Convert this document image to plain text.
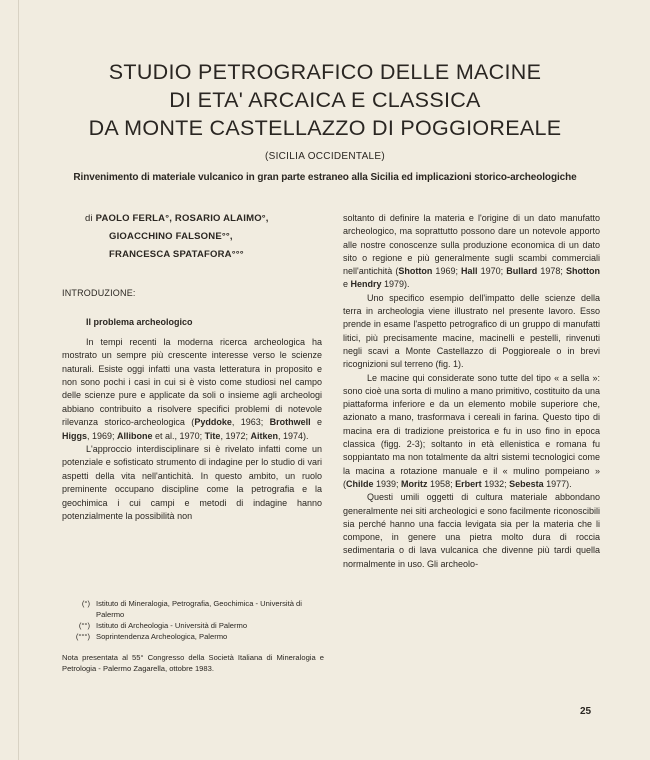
STUDIO PETROGRAFICO DELLE MACINE
DI ETA' ARCAICA E CLASSICA
DA MONTE CASTELLAZZO DI POGGIOREALE
(SICILIA OCCIDENTALE)
Rinvenimento di materiale vulcanico in gran parte estraneo alla Sicilia ed implicazioni storico-archeologiche
di PAOLO FERLA°, ROSARIO ALAIMO°,
GIOACCHINO FALSONE°°,
FRANCESCA SPATAFORA°°°
INTRODUZIONE:
Il problema archeologico

In tempi recenti la moderna ricerca archeologica ha mostrato un sempre più crescente interesse verso le scienze naturali. Esiste oggi infatti una vasta letteratura in proposito e non sono pochi i casi in cui si è visto come studiosi nel campo delle scienze pure e applicate da soli o insieme agli archeologi abbiano contribuito a risolvere specifici problemi di notevole rilevanza storico-archeologica (Pyddoke, 1963; Brothwell e Higgs, 1969; Allibone et al., 1970; Tite, 1972; Aitken, 1974).

L'approccio interdisciplinare si è rivelato infatti come un potenziale e sofisticato strumento di indagine per lo studio di vari aspetti della vita nell'antichità. In questo ambito, un ruolo preminente occupano discipline come la petrografia e la geochimica i cui campi e metodi di indagine hanno potenzialmente la possibilità non

(°) Istituto di Mineralogia, Petrografia, Geochimica - Università di Palermo
(°°) Istituto di Archeologia - Università di Palermo
(°°°) Soprintendenza Archeologica, Palermo
Nota presentata al 55° Congresso della Società Italiana di Mineralogia e Petrologia - Palermo Zagarella, ottobre 1983.

soltanto di definire la materia e l'origine di un dato manufatto archeologico, ma soprattutto possono dare un notevole apporto alle nostre conoscenze sulla produzione economica di un dato sito o regione e più generalmente sugli scambi commerciali nell'antichità (Shotton 1969; Hall 1970; Bullard 1978; Shotton e Hendry 1979).

Uno specifico esempio dell'impatto delle scienze della terra in archeologia viene illustrato nel presente lavoro. Esso prende in esame l'aspetto petrografico di un gruppo di manufatti litici, più precisamente macine, macinelli e pestelli, rinvenuti negli scavi a Monte Castellazzo di Poggioreale o in brevi ricognizioni sul terreno (fig. 1).

Le macine qui considerate sono tutte del tipo « a sella »: sono cioè una sorta di mulino a mano primitivo, costituito da una piattaforma inferiore e da un elemento mobile superiore che, azionato a mano, trasformava i cereali in farina. Questo tipo di macina era di tradizione preistorica e fu in uso fino in epoca classica (figg. 2-3); soltanto in età ellenistica e romana fu soppiantato ma non totalmente da altri sistemi tecnologici come la macina a rotazione manuale e il « mulino pompeiano » (Childe 1939; Moritz 1958; Erbert 1932; Sebesta 1977).

Questi umili oggetti di cultura materiale abbondano generalmente nei siti archeologici e sono facilmente riconoscibili sia perché hanno una faccia levigata sia per la materia che li compone, in genere una pietra molto dura di roccia sedimentaria o di lava vulcanica che divenne più tardi quella normalmente in uso. Gli archeolo-

25
